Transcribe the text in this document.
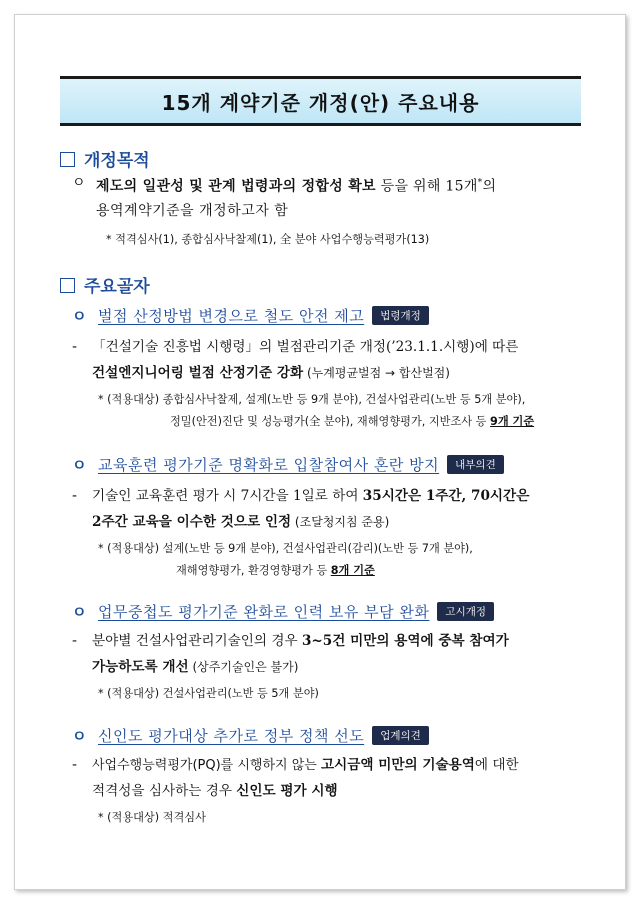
15개 계약기준 개정(안) 주요내용
개정목적
ㅇ 제도의 일관성 및 관계 법령과의 정합성 확보 등을 위해 15개*의
용역계약기준을 개정하고자 함
* 적격심사(1), 종합심사낙찰제(1), 全 분야 사업수행능력평가(13)
주요골자
ㅇ 벌점 산정방법 변경으로 철도 안전 제고 법령개정
-	「건설기술 진흥법 시행령」의 벌점관리기준 개정(’23.1.1.시행)에 따른
건설엔지니어링 벌점 산정기준 강화 (누계평균벌점 → 합산벌점)
* (적용대상) 종합심사낙찰제, 설계(노반 등 9개 분야), 건설사업관리(노반 등 5개 분야),
정밀(안전)진단 및 성능평가(全 분야), 재해영향평가, 지반조사 등 9개 기준
ㅇ 교육훈련 평가기준 명확화로 입찰참여사 혼란 방지 내부의견
-	기술인 교육훈련 평가 시 7시간을 1일로 하여 35시간은 1주간, 70시간은
2주간 교육을 이수한 것으로 인정 (조달청지침 준용)
* (적용대상) 설계(노반 등 9개 분야), 건설사업관리(감리)(노반 등 7개 분야),
재해영향평가, 환경영향평가 등 8개 기준
ㅇ 업무중첩도 평가기준 완화로 인력 보유 부담 완화 고시개정
-	분야별 건설사업관리기술인의 경우 3~5건 미만의 용역에 중복 참여가
가능하도록 개선 (상주기술인은 불가)
* (적용대상) 건설사업관리(노반 등 5개 분야)
ㅇ 신인도 평가대상 추가로 정부 정책 선도 업계의견
-	사업수행능력평가(PQ)를 시행하지 않는 고시금액 미만의 기술용역에 대한
적격성을 심사하는 경우 신인도 평가 시행
* (적용대상) 적격심사
